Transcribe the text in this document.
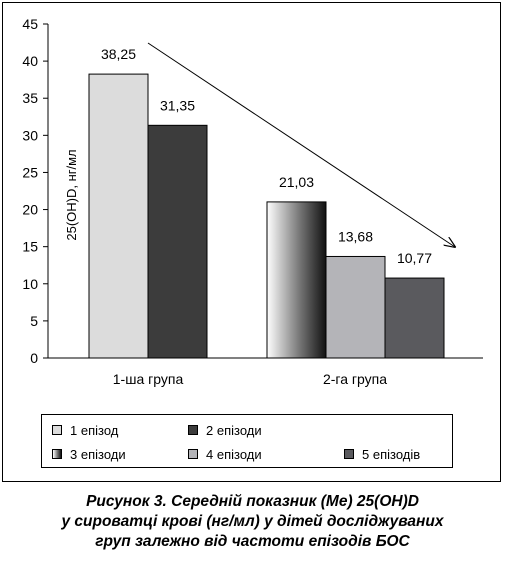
0
5
10
15
20
25
30
35
40
45
38,25
31,35
21,03
13,68
10,77
1-ша група	2-га група
25(OH)D, нг/мл
1 епізод	2 епізоди
3 епізоди	4 епізоди	5 епізодів
Рисунок 3. Середній показник (Ме) 25(ОН)D
у сироватці крові (нг/мл) у дітей досліджуваних
груп залежно від частоти епізодів БОС
